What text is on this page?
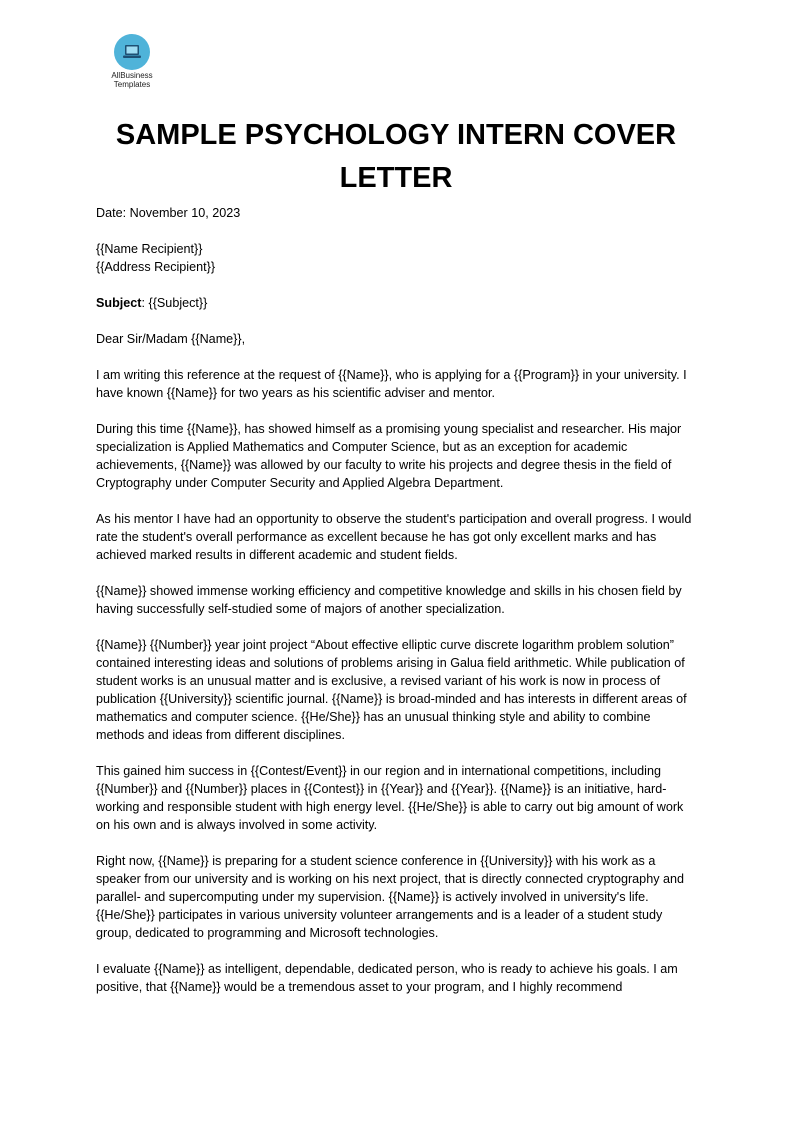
AllBusiness
Templates
SAMPLE PSYCHOLOGY INTERN COVER LETTER

Date: November 10, 2023

{{Name Recipient}}
{{Address Recipient}}

Subject: {{Subject}}

Dear Sir/Madam {{Name}},

I am writing this reference at the request of {{Name}}, who is applying for a {{Program}} in your university. I have known {{Name}} for two years as his scientific adviser and mentor.

During this time {{Name}}, has showed himself as a promising young specialist and researcher. His major specialization is Applied Mathematics and Computer Science, but as an exception for academic achievements, {{Name}} was allowed by our faculty to write his projects and degree thesis in the field of Cryptography under Computer Security and Applied Algebra Department.

As his mentor I have had an opportunity to observe the student's participation and overall progress. I would rate the student's overall performance as excellent because he has got only excellent marks and has achieved marked results in different academic and student fields.

{{Name}} showed immense working efficiency and competitive knowledge and skills in his chosen field by having successfully self-studied some of majors of another specialization.

{{Name}} {{Number}} year joint project “About effective elliptic curve discrete logarithm problem solution” contained interesting ideas and solutions of problems arising in Galua field arithmetic. While publication of student works is an unusual matter and is exclusive, a revised variant of his work is now in process of publication {{University}} scientific journal. {{Name}} is broad-minded and has interests in different areas of mathematics and computer science. {{He/She}} has an unusual thinking style and ability to combine methods and ideas from different disciplines.

This gained him success in {{Contest/Event}} in our region and in international competitions, including {{Number}} and {{Number}} places in {{Contest}} in {{Year}} and {{Year}}. {{Name}} is an initiative, hard-working and responsible student with high energy level. {{He/She}} is able to carry out big amount of work on his own and is always involved in some activity.

Right now, {{Name}} is preparing for a student science conference in {{University}} with his work as a speaker from our university and is working on his next project, that is directly connected cryptography and parallel- and supercomputing under my supervision. {{Name}} is actively involved in university's life. {{He/She}} participates in various university volunteer arrangements and is a leader of a student study group, dedicated to programming and Microsoft technologies.

I evaluate {{Name}} as intelligent, dependable, dedicated person, who is ready to achieve his goals. I am positive, that {{Name}} would be a tremendous asset to your program, and I highly recommend
